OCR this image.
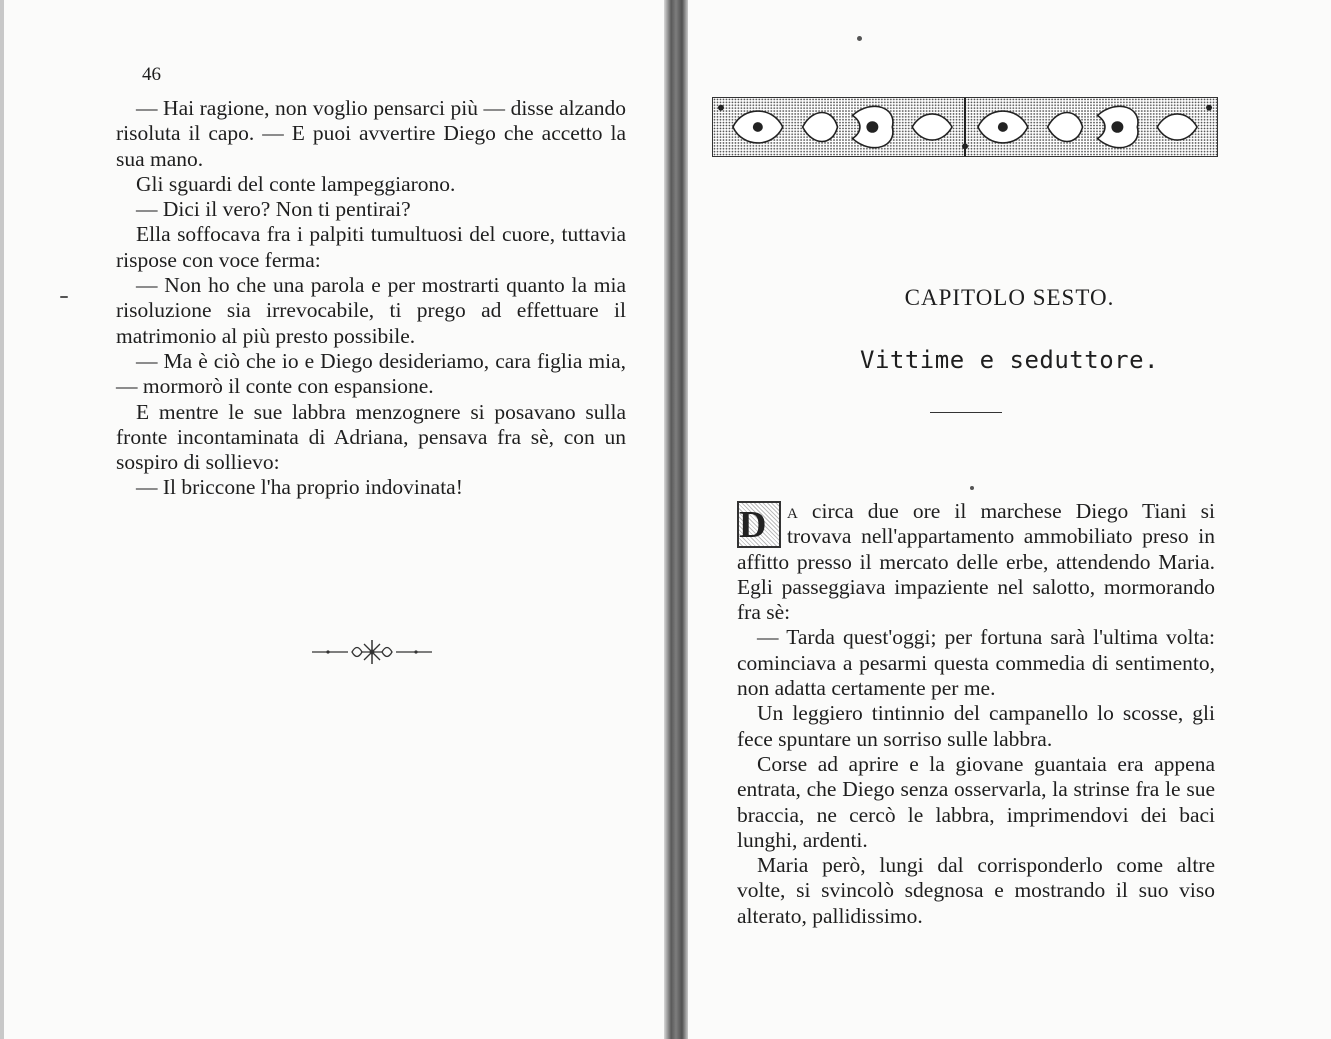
46

— Hai ragione, non voglio pensarci più — disse alzando risoluta il capo. — E puoi avvertire Diego che accetto la sua mano.

Gli sguardi del conte lampeggiarono.

— Dici il vero? Non ti pentirai?

Ella soffocava fra i palpiti tumultuosi del cuore, tuttavia rispose con voce ferma:

— Non ho che una parola e per mostrarti quanto la mia risoluzione sia irrevocabile, ti prego ad effettuare il matrimonio al più presto possibile.

— Ma è ciò che io e Diego desideriamo, cara figlia mia, — mormorò il conte con espansione.

E mentre le sue labbra menzognere si posavano sulla fronte incontaminata di Adriana, pensava fra sè, con un sospiro di sollievo:

— Il briccone l'ha proprio indovinata!

CAPITOLO SESTO.
Vittime e seduttore.

D a circa due ore il marchese Diego Tiani si trovava nell'appartamento ammobiliato preso in affitto presso il mercato delle erbe, attendendo Maria. Egli passeggiava impaziente nel salotto, mormorando fra sè:

— Tarda quest'oggi; per fortuna sarà l'ultima volta: cominciava a pesarmi questa commedia di sentimento, non adatta certamente per me.

Un leggiero tintinnio del campanello lo scosse, gli fece spuntare un sorriso sulle labbra.

Corse ad aprire e la giovane guantaia era appena entrata, che Diego senza osservarla, la strinse fra le sue braccia, ne cercò le labbra, imprimendovi dei baci lunghi, ardenti.

Maria però, lungi dal corrisponderlo come altre volte, si svincolò sdegnosa e mostrando il suo viso alterato, pallidissimo.
